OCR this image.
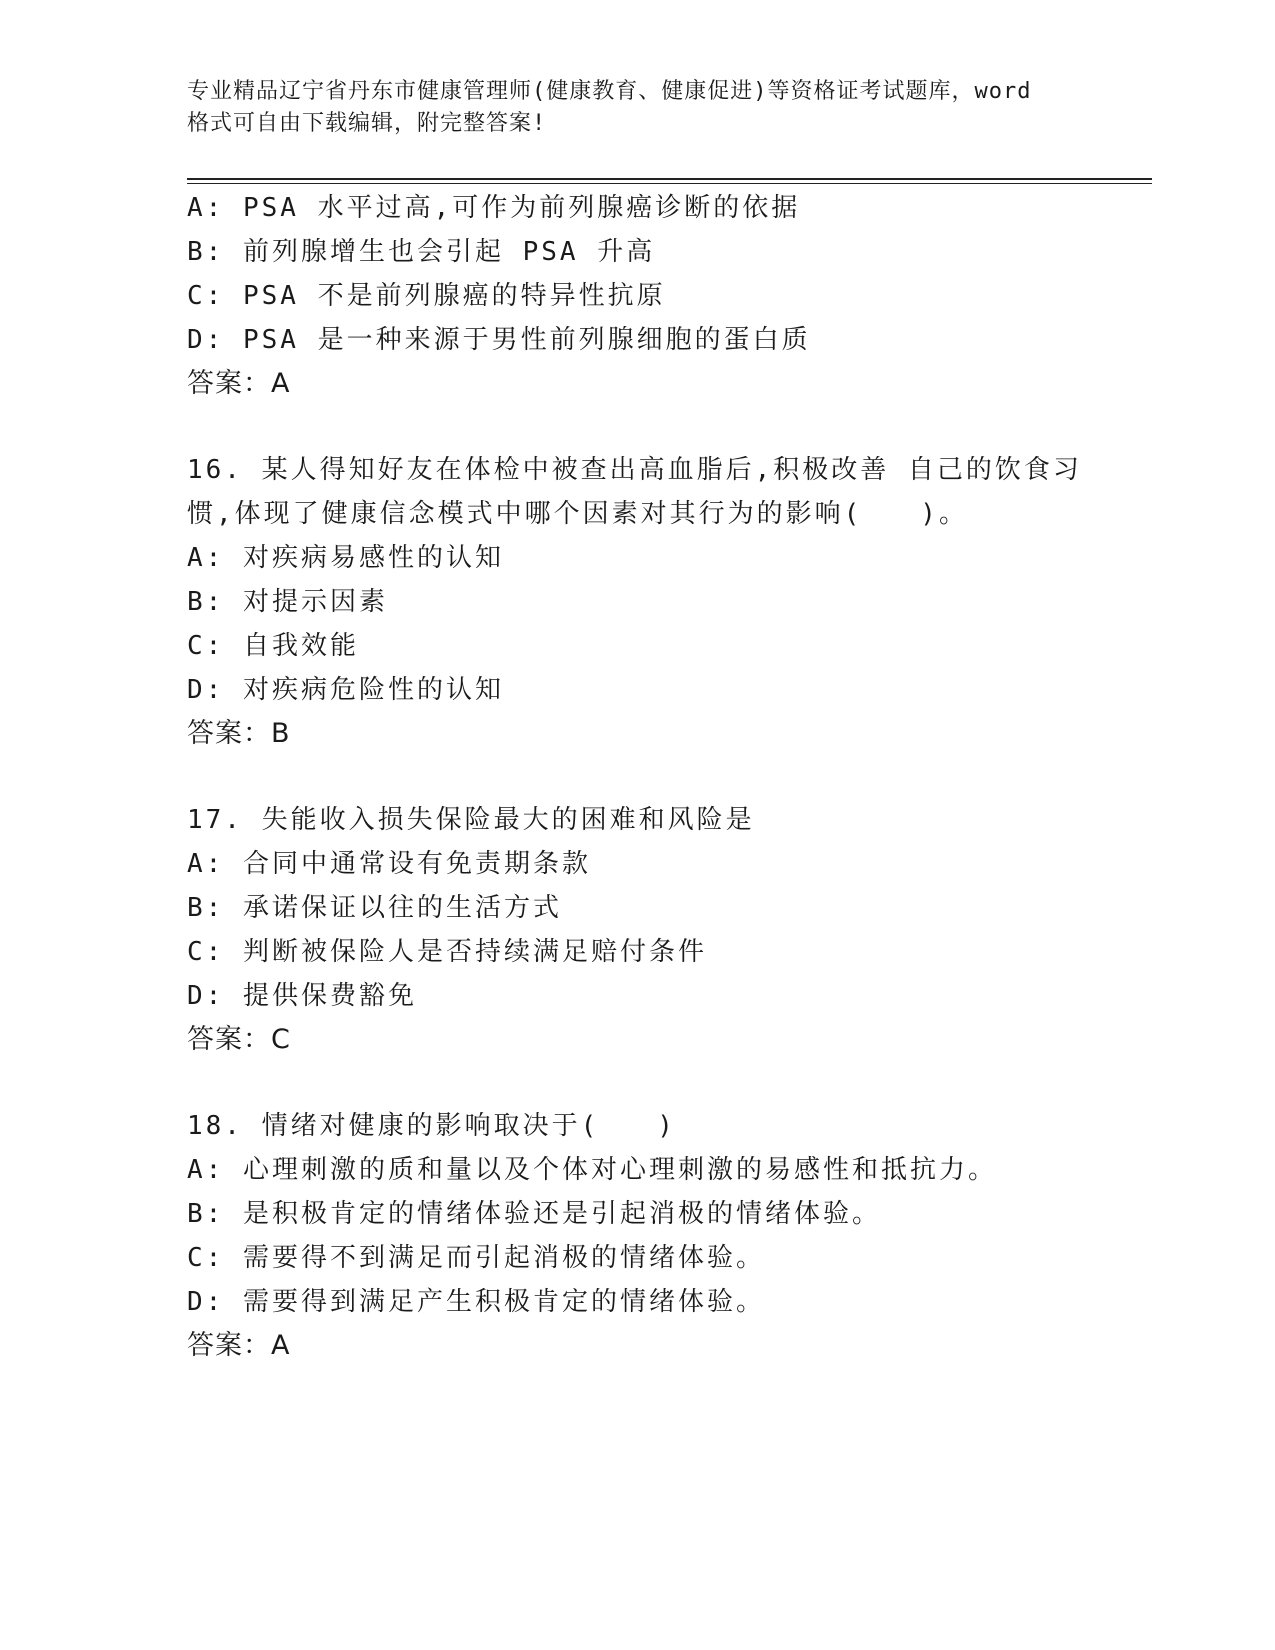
专业精品辽宁省丹东市健康管理师(健康教育、健康促进)等资格证考试题库，word
格式可自由下载编辑，附完整答案!
A: PSA 水平过高,可作为前列腺癌诊断的依据
B: 前列腺增生也会引起 PSA 升高
C: PSA 不是前列腺癌的特异性抗原
D: PSA 是一种来源于男性前列腺细胞的蛋白质
答案：A
16. 某人得知好友在体检中被查出高血脂后,积极改善 自己的饮食习
惯,体现了健康信念模式中哪个因素对其行为的影响(　　)。
A: 对疾病易感性的认知
B: 对提示因素
C: 自我效能
D: 对疾病危险性的认知
答案：B
17. 失能收入损失保险最大的困难和风险是
A: 合同中通常设有免责期条款
B: 承诺保证以往的生活方式
C: 判断被保险人是否持续满足赔付条件
D: 提供保费豁免
答案：C
18. 情绪对健康的影响取决于(　　)
A: 心理刺激的质和量以及个体对心理刺激的易感性和抵抗力。
B: 是积极肯定的情绪体验还是引起消极的情绪体验。
C: 需要得不到满足而引起消极的情绪体验。
D: 需要得到满足产生积极肯定的情绪体验。
答案：A
